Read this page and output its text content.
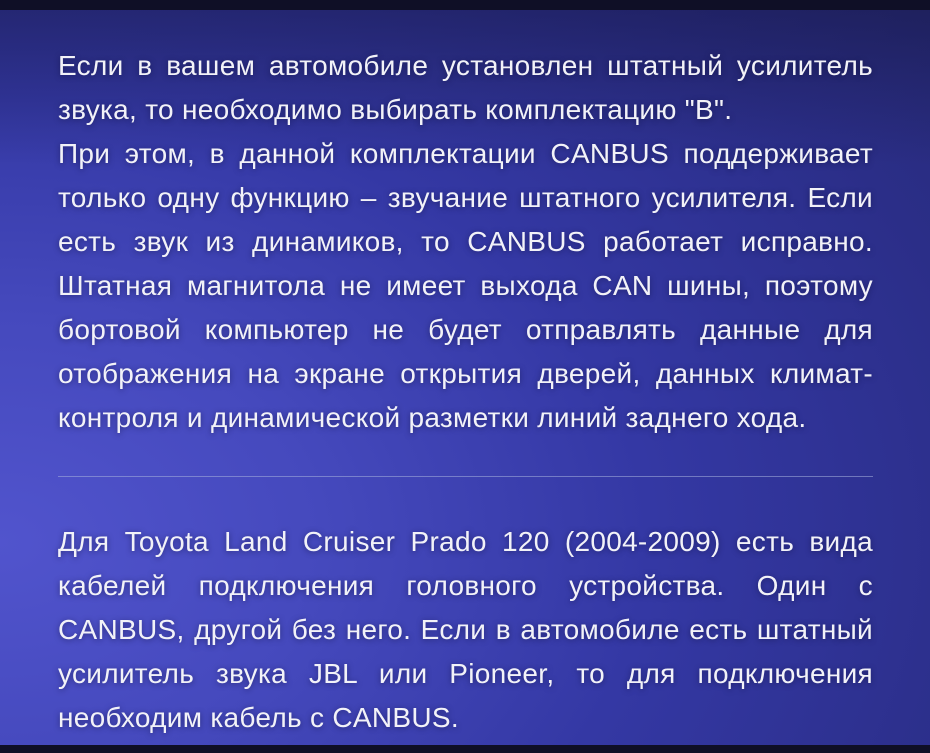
Если в вашем автомобиле установлен штатный усилитель звука, то необходимо выбирать комплектацию "B".

При этом, в данной комплектации CANBUS поддерживает только одну функцию – звучание штатного усилителя. Если есть звук из динамиков, то CANBUS работает исправно. Штатная магнитола не имеет выхода CAN шины, поэтому бортовой компьютер не будет отправлять данные для отображения на экране открытия дверей, данных климат-контроля и динамической разметки линий заднего хода.

Для Toyota Land Cruiser Prado 120 (2004-2009) есть вида кабелей подключения головного устройства. Один с CANBUS, другой без него. Если в автомобиле есть штатный усилитель звука JBL или Pioneer, то для подключения необходим кабель с CANBUS.
